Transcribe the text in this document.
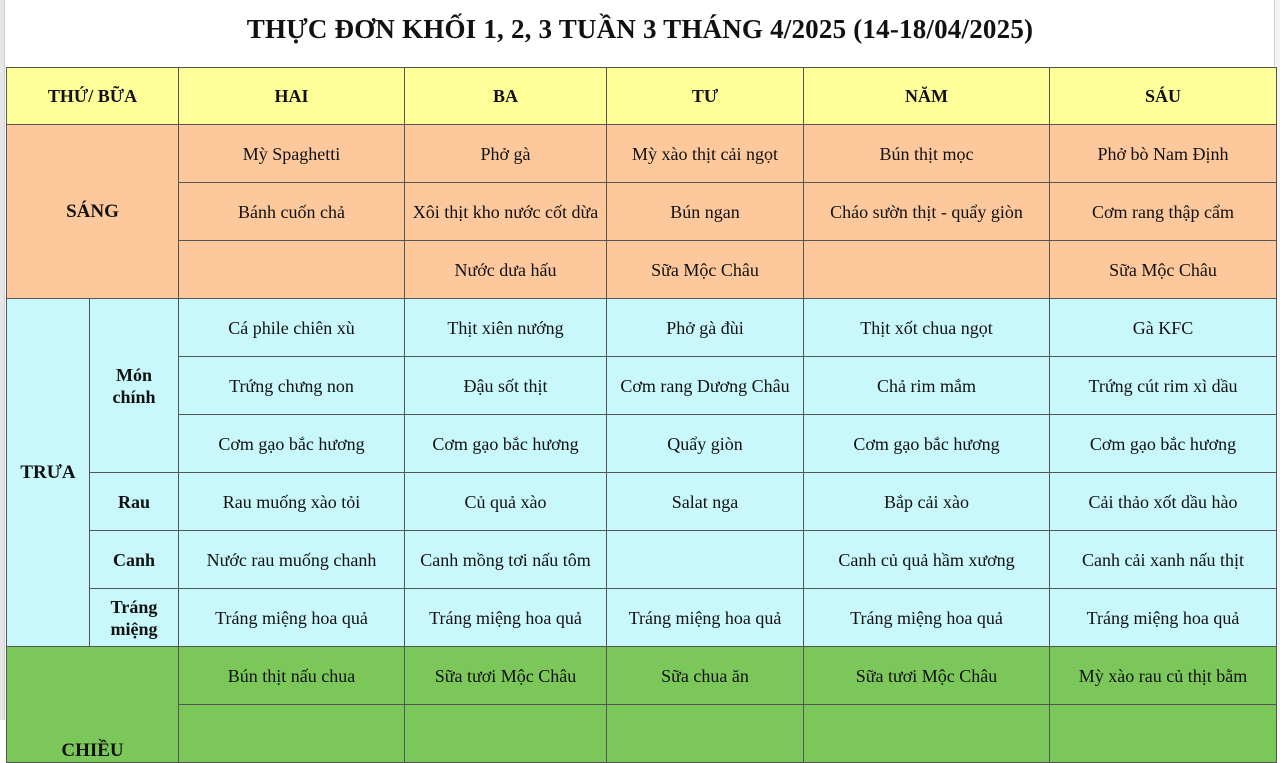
THỰC ĐƠN KHỐI 1, 2, 3 TUẦN 3 THÁNG 4/2025 (14-18/04/2025)
THỨ/ BỮA		HAI	BA	TƯ	NĂM	SÁU
SÁNG		Mỳ Spaghetti	Phở gà	Mỳ xào thịt cải ngọt	Bún thịt mọc	Phở bò Nam Định
		Bánh cuốn chả	Xôi thịt kho nước cốt dừa	Bún ngan	Cháo sườn thịt - quẩy giòn	Cơm rang thập cẩm
			Nước dưa hấu	Sữa Mộc Châu		Sữa Mộc Châu
TRƯA	Món chính	Cá phile chiên xù	Thịt xiên nướng	Phở gà đùi	Thịt xốt chua ngọt	Gà KFC
		Trứng chưng non	Đậu sốt thịt	Cơm rang Dương Châu	Chả rim mắm	Trứng cút rim xì dầu
		Cơm gạo bắc hương	Cơm gạo bắc hương	Quẩy giòn	Cơm gạo bắc hương	Cơm gạo bắc hương
	Rau	Rau muống xào tỏi	Củ quả xào	Salat nga	Bắp cải xào	Cải thảo xốt dầu hào
	Canh	Nước rau muống chanh	Canh mồng tơi nấu tôm		Canh củ quả hầm xương	Canh cải xanh nấu thịt
	Tráng miệng	Tráng miệng hoa quả	Tráng miệng hoa quả	Tráng miệng hoa quả	Tráng miệng hoa quả	Tráng miệng hoa quả
CHIỀU		Bún thịt nấu chua	Sữa tươi Mộc Châu	Sữa chua ăn	Sữa tươi Mộc Châu	Mỳ xào rau củ thịt bằm
